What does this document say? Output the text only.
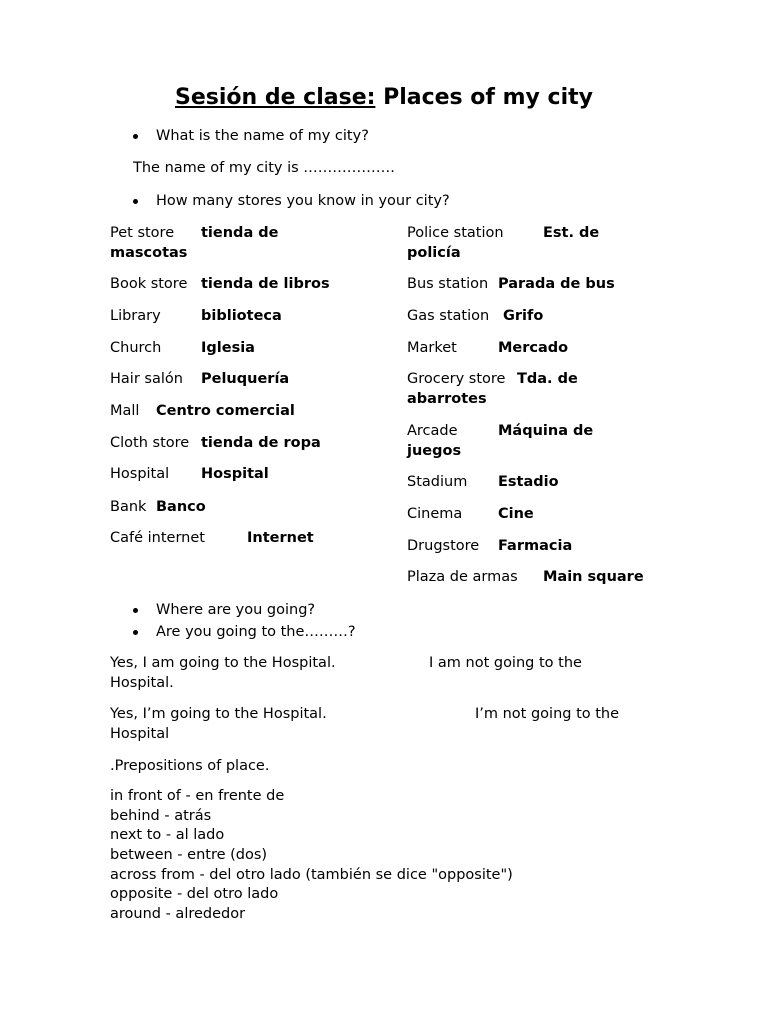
Sesión de clase: Places of my city
What is the name of my city?
The name of my city is ……………….
How many stores you know in your city?
Pet store tienda de
mascotas
Book store tienda de libros
Library	biblioteca
Church	Iglesia
Hair salón Peluquería
Mall Centro comercial
Cloth store tienda de ropa
Hospital Hospital
Bank Banco
Café internet	Internet
Police station	Est. de
policía
Bus station Parada de bus
Gas station Grifo
Market	Mercado
Grocery store Tda. de
abarrotes
Arcade	Máquina de
juegos
Stadium Estadio
Cinema Cine
Drugstore Farmacia
Plaza de armas Main square
Where are you going?
Are you going to the………?
Yes, I am going to the Hospital.	I am not going to the
Hospital.
Yes, I’m going to the Hospital.	I’m not going to the
Hospital
.Prepositions of place.
in front of - en frente de
behind - atrás
next to - al lado
between - entre (dos)
across from - del otro lado (también se dice "opposite")
opposite - del otro lado
around - alrededor
